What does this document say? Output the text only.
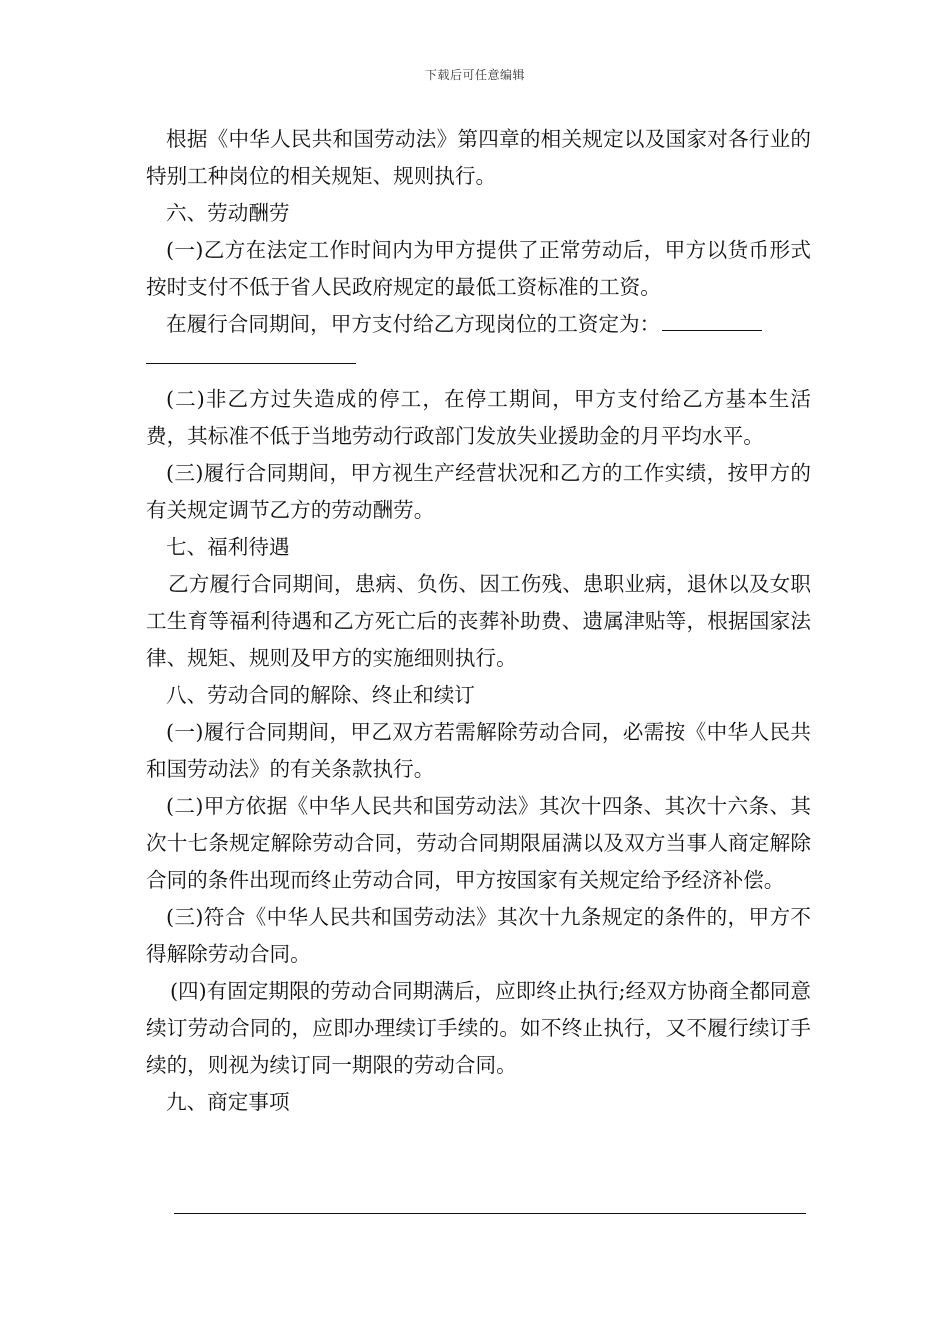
下载后可任意编辑

根据《中华人民共和国劳动法》第四章的相关规定以及国家对各行业的特别工种岗位的相关规矩、规则执行。

六、劳动酬劳

(一)乙方在法定工作时间内为甲方提供了正常劳动后，甲方以货币形式按时支付不低于省人民政府规定的最低工资标准的工资。

在履行合同期间，甲方支付给乙方现岗位的工资定为：

(二)非乙方过失造成的停工，在停工期间，甲方支付给乙方基本生活费，其标准不低于当地劳动行政部门发放失业援助金的月平均水平。

(三)履行合同期间，甲方视生产经营状况和乙方的工作实绩，按甲方的有关规定调节乙方的劳动酬劳。

七、福利待遇

乙方履行合同期间，患病、负伤、因工伤残、患职业病，退休以及女职工生育等福利待遇和乙方死亡后的丧葬补助费、遗属津贴等，根据国家法律、规矩、规则及甲方的实施细则执行。

八、劳动合同的解除、终止和续订

(一)履行合同期间，甲乙双方若需解除劳动合同，必需按《中华人民共和国劳动法》的有关条款执行。

(二)甲方依据《中华人民共和国劳动法》其次十四条、其次十六条、其次十七条规定解除劳动合同，劳动合同期限届满以及双方当事人商定解除合同的条件出现而终止劳动合同，甲方按国家有关规定给予经济补偿。

(三)符合《中华人民共和国劳动法》其次十九条规定的条件的，甲方不得解除劳动合同。

(四)有固定期限的劳动合同期满后，应即终止执行;经双方协商全都同意续订劳动合同的，应即办理续订手续的。如不终止执行，又不履行续订手续的，则视为续订同一期限的劳动合同。

九、商定事项
